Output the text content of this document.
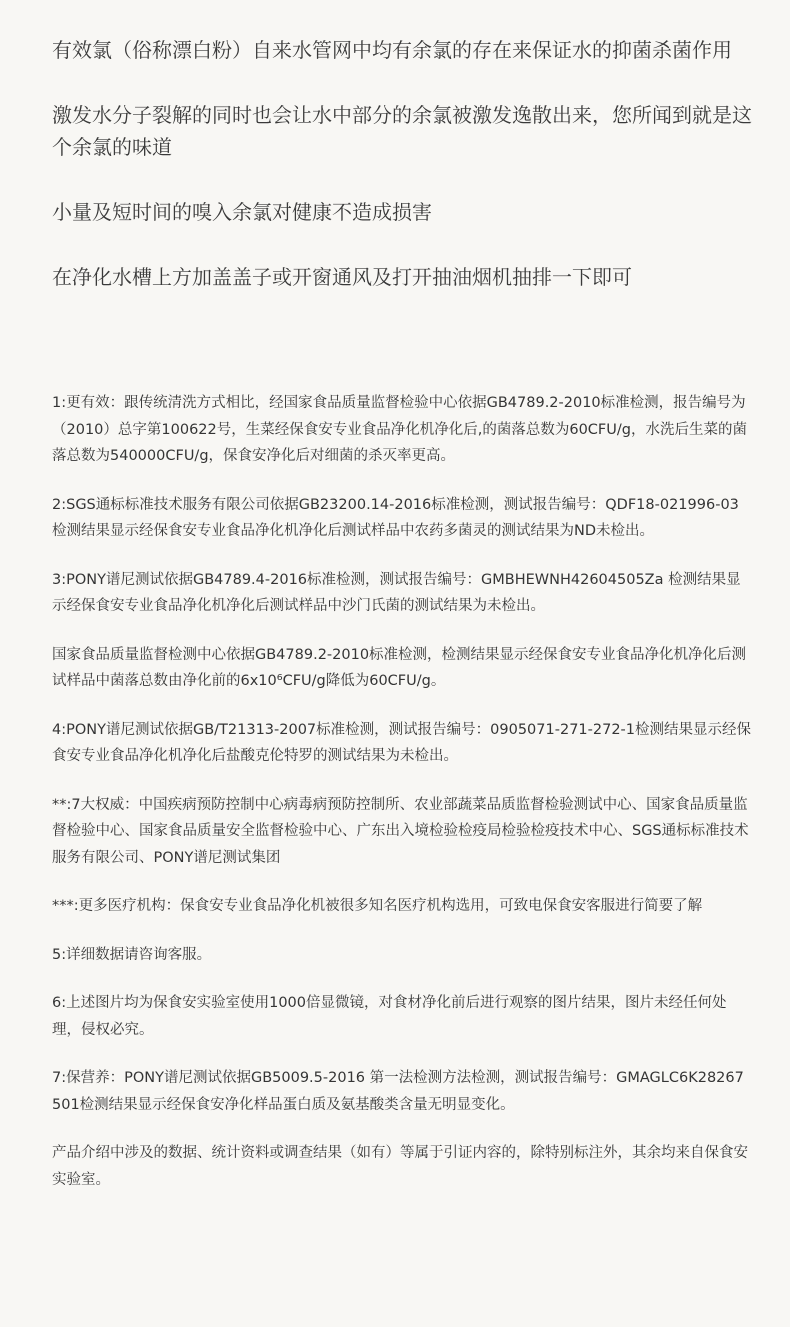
有效氯（俗称漂白粉）自来水管网中均有余氯的存在来保证水的抑菌杀菌作用

激发水分子裂解的同时也会让水中部分的余氯被激发逸散出来，您所闻到就是这个余氯的味道

小量及短时间的嗅入余氯对健康不造成损害

在净化水槽上方加盖盖子或开窗通风及打开抽油烟机抽排一下即可

1:更有效：跟传统清洗方式相比，经国家食品质量监督检验中心依据GB4789.2-2010标准检测，报告编号为（2010）总字第100622号，生菜经保食安专业食品净化机净化后,的菌落总数为60CFU/g，水洗后生菜的菌落总数为540000CFU/g，保食安净化后对细菌的杀灭率更高。

2:SGS通标标准技术服务有限公司依据GB23200.14-2016标准检测，测试报告编号：QDF18-021996-03 检测结果显示经保食安专业食品净化机净化后测试样品中农药多菌灵的测试结果为ND未检出。

3:PONY谱尼测试依据GB4789.4-2016标准检测，测试报告编号：GMBHEWNH42604505Za 检测结果显示经保食安专业食品净化机净化后测试样品中沙门氏菌的测试结果为未检出。

国家食品质量监督检测中心依据GB4789.2-2010标准检测，检测结果显示经保食安专业食品净化机净化后测试样品中菌落总数由净化前的6x10⁶CFU/g降低为60CFU/g。

4:PONY谱尼测试依据GB/T21313-2007标准检测，测试报告编号：0905071-271-272-1检测结果显示经保食安专业食品净化机净化后盐酸克伦特罗的测试结果为未检出。

**:7大权威：中国疾病预防控制中心病毒病预防控制所、农业部蔬菜品质监督检验测试中心、国家食品质量监督检验中心、国家食品质量安全监督检验中心、广东出入境检验检疫局检验检疫技术中心、SGS通标标准技术服务有限公司、PONY谱尼测试集团

***:更多医疗机构：保食安专业食品净化机被很多知名医疗机构选用，可致电保食安客服进行简要了解

5:详细数据请咨询客服。

6:上述图片均为保食安实验室使用1000倍显微镜，对食材净化前后进行观察的图片结果，图片未经任何处理，侵权必究。

7:保营养：PONY谱尼测试依据GB5009.5-2016 第一法检测方法检测，测试报告编号：GMAGLC6K28267501检测结果显示经保食安净化样品蛋白质及氨基酸类含量无明显变化。

产品介绍中涉及的数据、统计资料或调查结果（如有）等属于引证内容的，除特别标注外，其余均来自保食安实验室。
